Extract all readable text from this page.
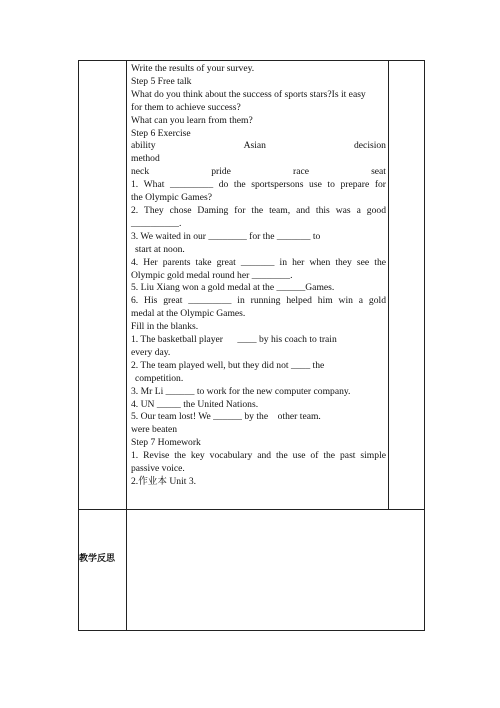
Write the results of your survey.
Step 5 Free talk
What do you think about the success of sports stars?Is it easy
for them to achieve success?
What can you learn from them?
Step 6 Exercise
ability	Asian	decision
method
neck	pride	race	seat
1. What _________ do the sportspersons use to prepare for
the Olympic Games?
2. They chose Daming for the team, and this was a good
__________.
3. We waited in our ________ for the _______ to
start at noon.
4. Her parents take great _______ in her when they see the
Olympic gold medal round her ________.
5. Liu Xiang won a gold medal at the ______Games.
6. His great _________ in running helped him win a gold
medal at the Olympic Games.
Fill in the blanks.
1. The basketball player      ____ by his coach to train
every day.
2. The team played well, but they did not ____ the
competition.
3. Mr Li ______ to work for the new computer company.
4. UN _____ the United Nations.
5. Our team lost! We ______ by the    other team.
were beaten
Step 7 Homework
1. Revise the key vocabulary and the use of the past simple
passive voice.
2.作业本 Unit 3.
教学反思
